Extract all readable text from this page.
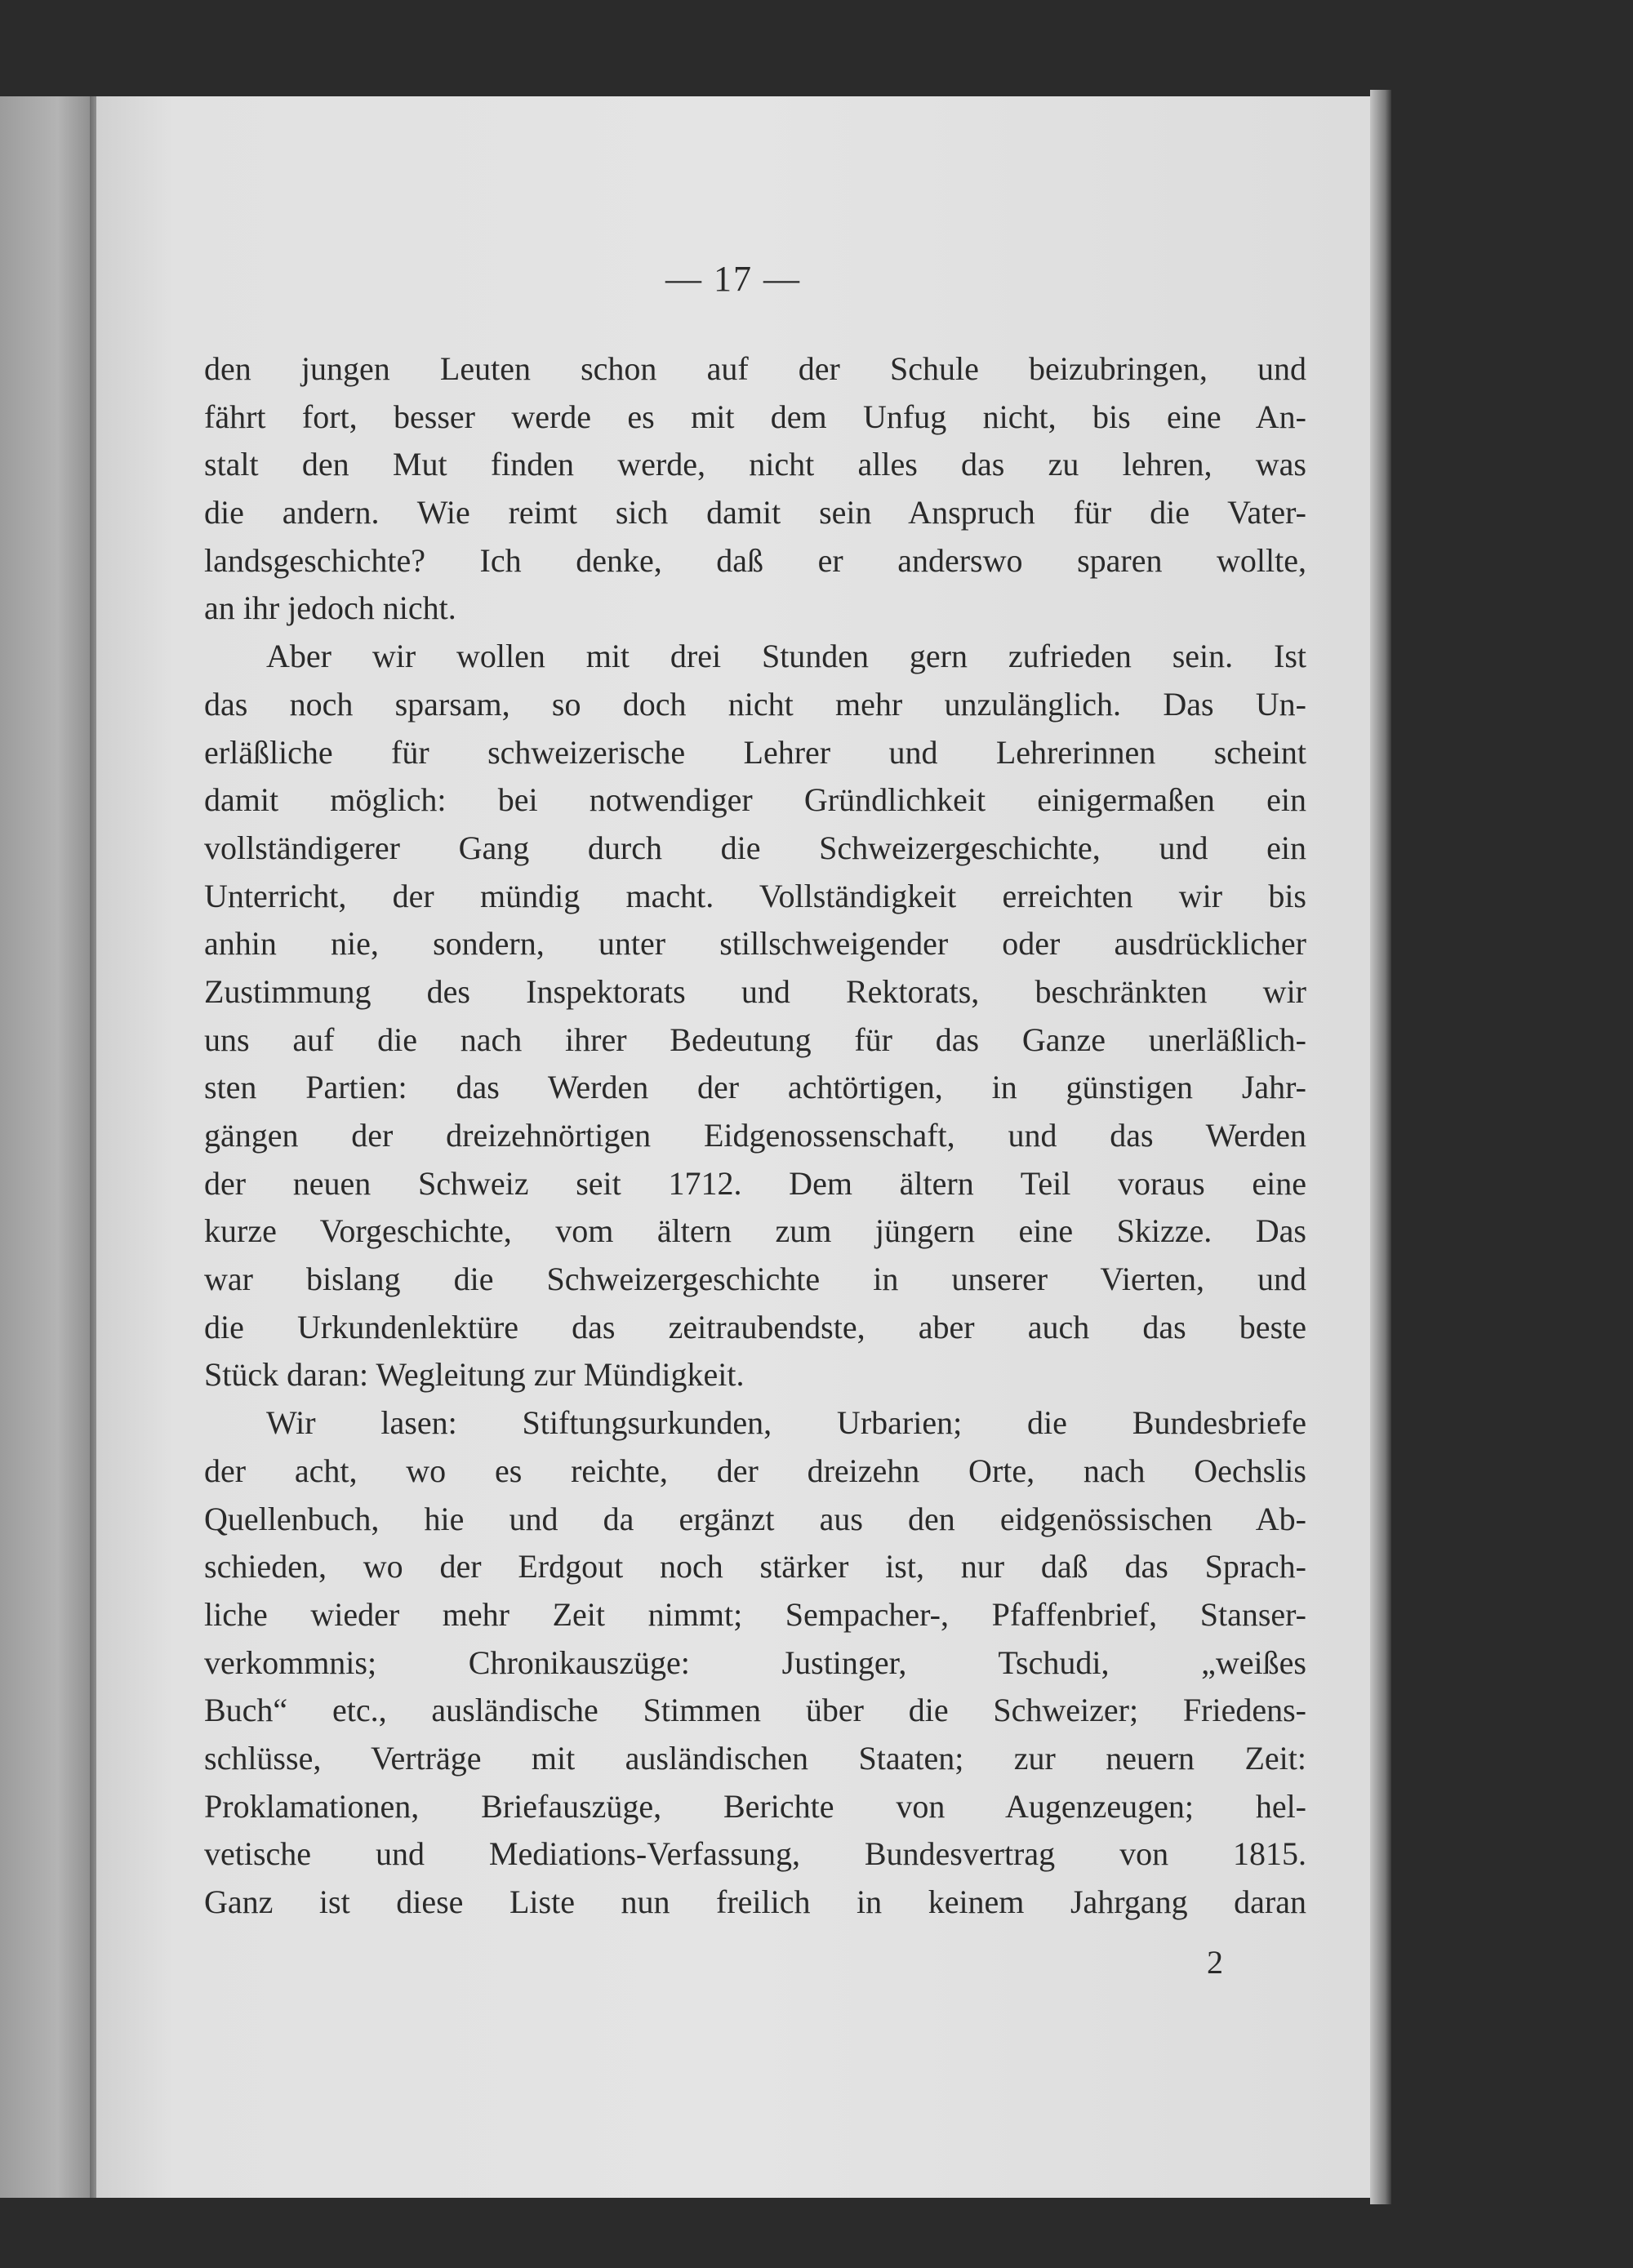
— 17 —
den jungen Leuten schon auf der Schule beizubringen, und
fährt fort, besser werde es mit dem Unfug nicht, bis eine An-
stalt den Mut finden werde, nicht alles das zu lehren, was
die andern. Wie reimt sich damit sein Anspruch für die Vater-
landsgeschichte? Ich denke, daß er anderswo sparen wollte,
an ihr jedoch nicht.
Aber wir wollen mit drei Stunden gern zufrieden sein. Ist
das noch sparsam, so doch nicht mehr unzulänglich. Das Un-
erläßliche für schweizerische Lehrer und Lehrerinnen scheint
damit möglich: bei notwendiger Gründlichkeit einigermaßen ein
vollständigerer Gang durch die Schweizergeschichte, und ein
Unterricht, der mündig macht. Vollständigkeit erreichten wir bis
anhin nie, sondern, unter stillschweigender oder ausdrücklicher
Zustimmung des Inspektorats und Rektorats, beschränkten wir
uns auf die nach ihrer Bedeutung für das Ganze unerläßlich-
sten Partien: das Werden der achtörtigen, in günstigen Jahr-
gängen der dreizehnörtigen Eidgenossenschaft, und das Werden
der neuen Schweiz seit 1712. Dem ältern Teil voraus eine
kurze Vorgeschichte, vom ältern zum jüngern eine Skizze. Das
war bislang die Schweizergeschichte in unserer Vierten, und
die Urkundenlektüre das zeitraubendste, aber auch das beste
Stück daran: Wegleitung zur Mündigkeit.
Wir lasen: Stiftungsurkunden, Urbarien; die Bundesbriefe
der acht, wo es reichte, der dreizehn Orte, nach Oechslis
Quellenbuch, hie und da ergänzt aus den eidgenössischen Ab-
schieden, wo der Erdgout noch stärker ist, nur daß das Sprach-
liche wieder mehr Zeit nimmt; Sempacher-, Pfaffenbrief, Stanser-
verkommnis; Chronikauszüge: Justinger, Tschudi, „weißes
Buch“ etc., ausländische Stimmen über die Schweizer; Friedens-
schlüsse, Verträge mit ausländischen Staaten; zur neuern Zeit:
Proklamationen, Briefauszüge, Berichte von Augenzeugen; hel-
vetische und Mediations-Verfassung, Bundesvertrag von 1815.
Ganz ist diese Liste nun freilich in keinem Jahrgang daran
2
